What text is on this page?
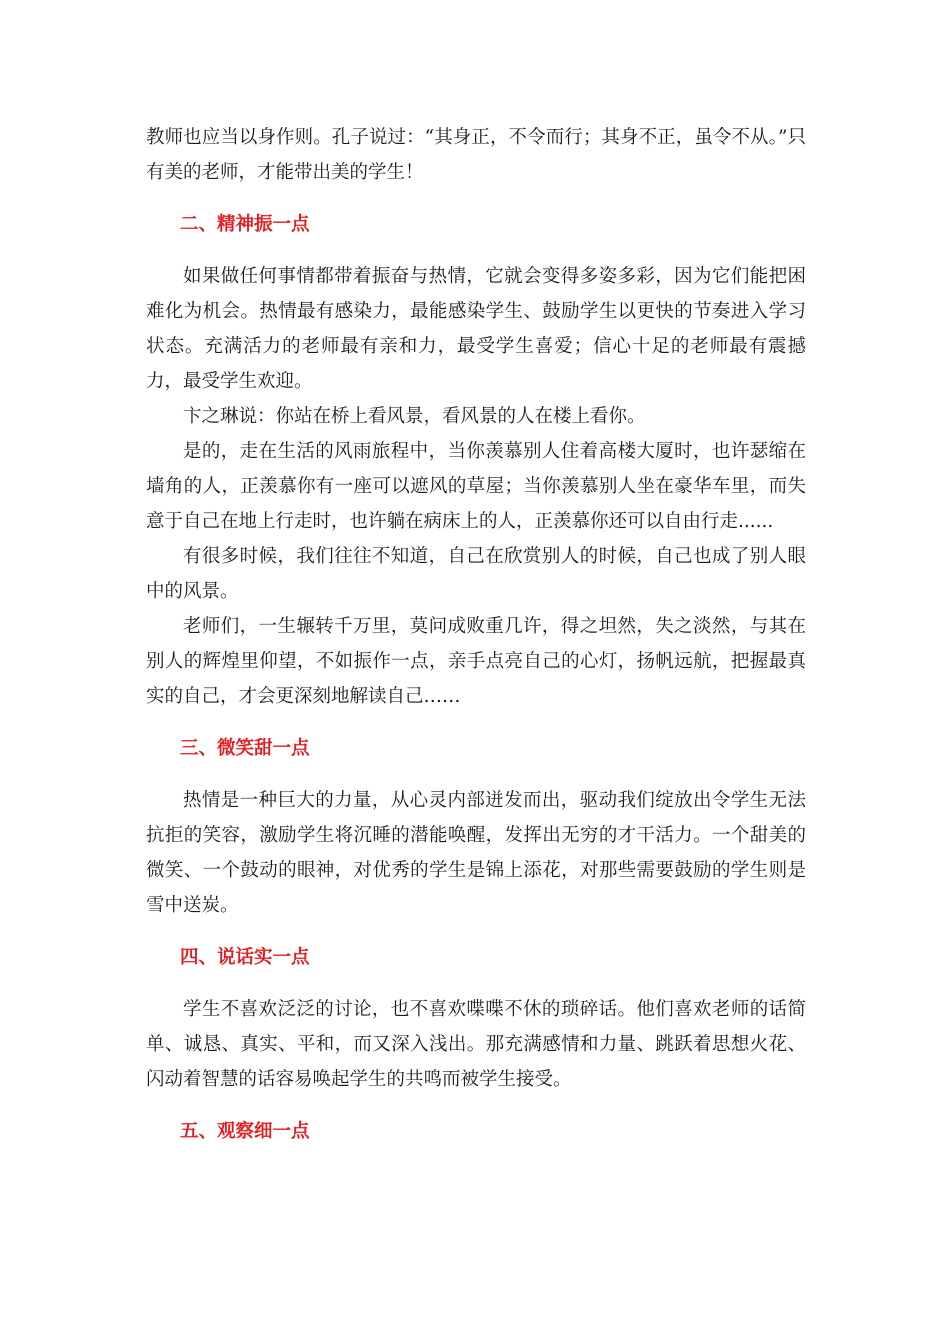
教师也应当以身作则。孔子说过：“其身正，不令而行；其身不正，虽令不从。”只有美的老师，才能带出美的学生！

二、精神振一点

如果做任何事情都带着振奋与热情，它就会变得多姿多彩，因为它们能把困难化为机会。热情最有感染力，最能感染学生、鼓励学生以更快的节奏进入学习状态。充满活力的老师最有亲和力，最受学生喜爱；信心十足的老师最有震撼力，最受学生欢迎。

卞之琳说：你站在桥上看风景，看风景的人在楼上看你。

是的，走在生活的风雨旅程中，当你羡慕别人住着高楼大厦时，也许瑟缩在墙角的人，正羡慕你有一座可以遮风的草屋；当你羡慕别人坐在豪华车里，而失意于自己在地上行走时，也许躺在病床上的人，正羡慕你还可以自由行走......

有很多时候，我们往往不知道，自己在欣赏别人的时候，自己也成了别人眼中的风景。

老师们，一生辗转千万里，莫问成败重几许，得之坦然，失之淡然，与其在别人的辉煌里仰望，不如振作一点，亲手点亮自己的心灯，扬帆远航，把握最真实的自己，才会更深刻地解读自己……

三、微笑甜一点

热情是一种巨大的力量，从心灵内部迸发而出，驱动我们绽放出令学生无法抗拒的笑容，激励学生将沉睡的潜能唤醒，发挥出无穷的才干活力。一个甜美的微笑、一个鼓动的眼神，对优秀的学生是锦上添花，对那些需要鼓励的学生则是雪中送炭。

四、说话实一点

学生不喜欢泛泛的讨论，也不喜欢喋喋不休的琐碎话。他们喜欢老师的话简单、诚恳、真实、平和，而又深入浅出。那充满感情和力量、跳跃着思想火花、闪动着智慧的话容易唤起学生的共鸣而被学生接受。

五、观察细一点
